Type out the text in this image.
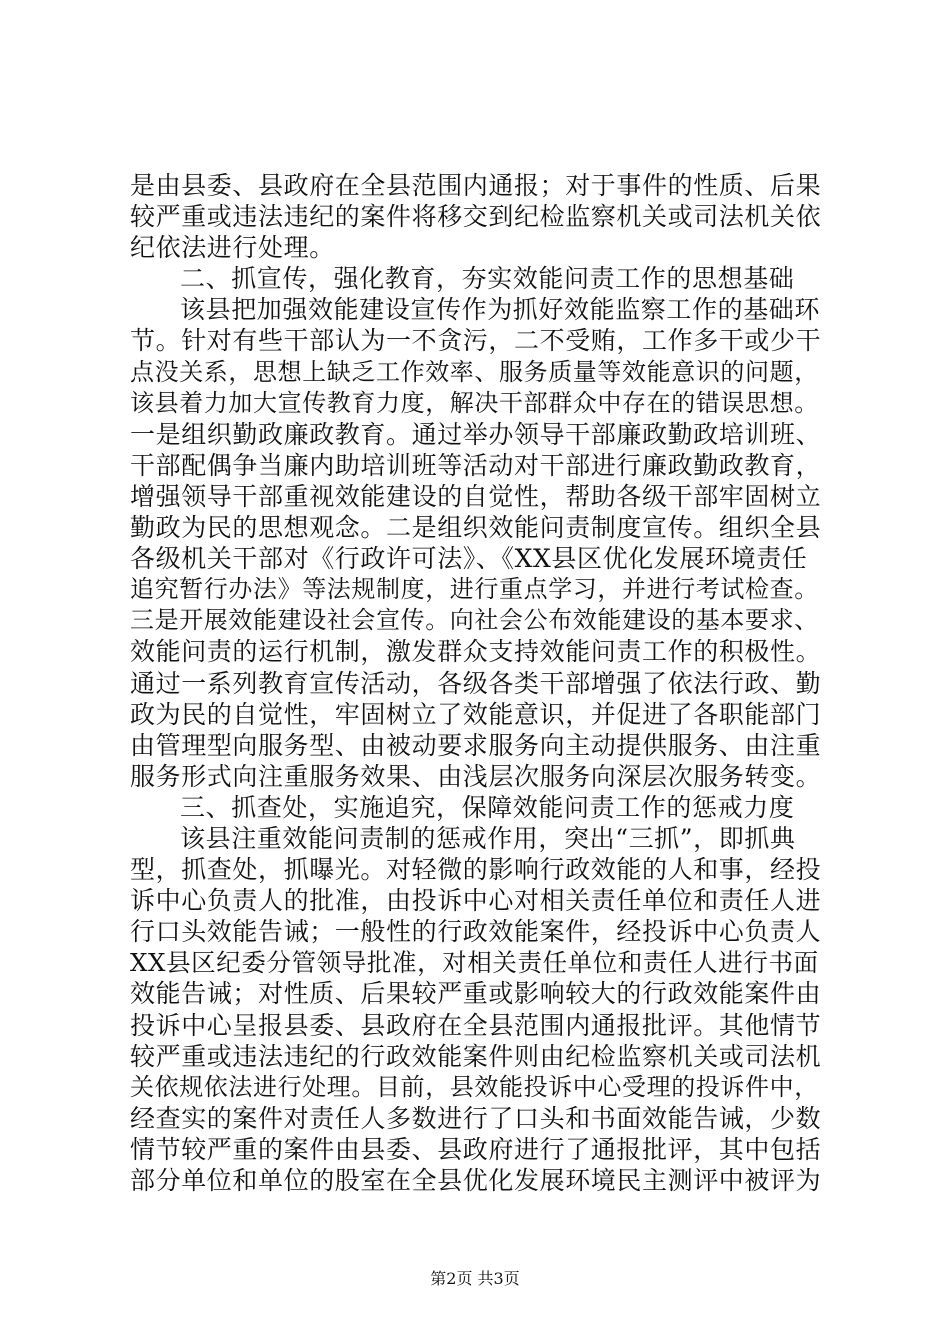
是由县委、县政府在全县范围内通报；对于事件的性质、后果
较严重或违法违纪的案件将移交到纪检监察机关或司法机关依
纪依法进行处理。
二、抓宣传，强化教育，夯实效能问责工作的思想基础
该县把加强效能建设宣传作为抓好效能监察工作的基础环
节。针对有些干部认为一不贪污，二不受贿，工作多干或少干
点没关系，思想上缺乏工作效率、服务质量等效能意识的问题，
该县着力加大宣传教育力度，解决干部群众中存在的错误思想。
一是组织勤政廉政教育。通过举办领导干部廉政勤政培训班、
干部配偶争当廉内助培训班等活动对干部进行廉政勤政教育，
增强领导干部重视效能建设的自觉性，帮助各级干部牢固树立
勤政为民的思想观念。二是组织效能问责制度宣传。组织全县
各级机关干部对《行政许可法》、《XX县区优化发展环境责任
追究暂行办法》等法规制度，进行重点学习，并进行考试检查。
三是开展效能建设社会宣传。向社会公布效能建设的基本要求、
效能问责的运行机制，激发群众支持效能问责工作的积极性。
通过一系列教育宣传活动，各级各类干部增强了依法行政、勤
政为民的自觉性，牢固树立了效能意识，并促进了各职能部门
由管理型向服务型、由被动要求服务向主动提供服务、由注重
服务形式向注重服务效果、由浅层次服务向深层次服务转变。
三、抓查处，实施追究，保障效能问责工作的惩戒力度
该县注重效能问责制的惩戒作用，突出“三抓”，即抓典
型，抓查处，抓曝光。对轻微的影响行政效能的人和事，经投
诉中心负责人的批准，由投诉中心对相关责任单位和责任人进
行口头效能告诫；一般性的行政效能案件，经投诉中心负责人
XX县区纪委分管领导批准，对相关责任单位和责任人进行书面
效能告诫；对性质、后果较严重或影响较大的行政效能案件由
投诉中心呈报县委、县政府在全县范围内通报批评。其他情节
较严重或违法违纪的行政效能案件则由纪检监察机关或司法机
关依规依法进行处理。目前，县效能投诉中心受理的投诉件中，
经查实的案件对责任人多数进行了口头和书面效能告诫，少数
情节较严重的案件由县委、县政府进行了通报批评，其中包括
部分单位和单位的股室在全县优化发展环境民主测评中被评为
第2页 共3页
